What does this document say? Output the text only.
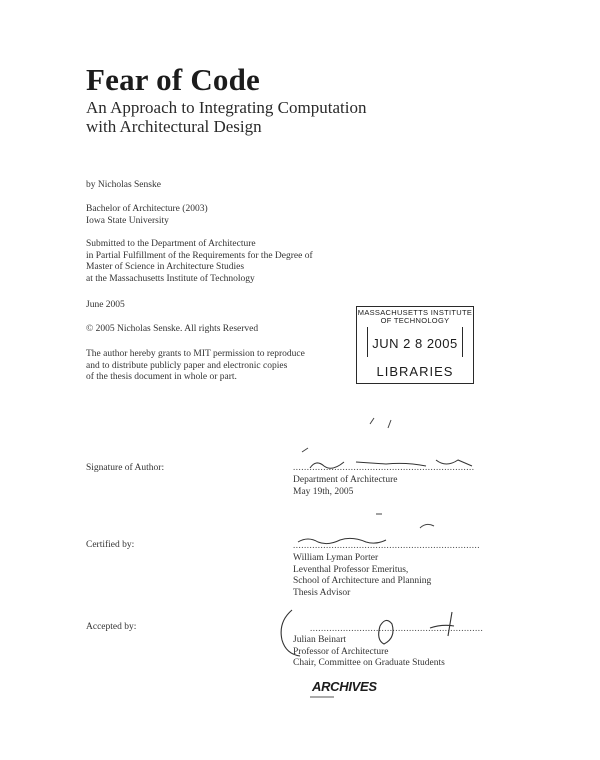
Fear of Code
An Approach to Integrating Computation
with Architectural Design
by Nicholas Senske
Bachelor of Architecture (2003)
Iowa State University
Submitted to the Department of Architecture
in Partial Fulfillment of the Requirements for the Degree of
Master of Science in Architecture Studies
at the Massachusetts Institute of Technology
June 2005
© 2005 Nicholas Senske. All rights Reserved
The author hereby grants to MIT permission to reproduce
and to distribute publicly paper and electronic copies
of the thesis document in whole or part.
MASSACHUSETTS INSTITUTE
OF TECHNOLOGY
JUN 2 8 2005
LIBRARIES
Signature of Author:	..................................................................
Department of Architecture
May 19th, 2005
Certified by:	....................................................................
William Lyman Porter
Leventhal Professor Emeritus,
School of Architecture and Planning
Thesis Advisor
Accepted by:	...............................................................
Julian Beinart
Professor of Architecture
Chair, Committee on Graduate Students
ARCHIVES
